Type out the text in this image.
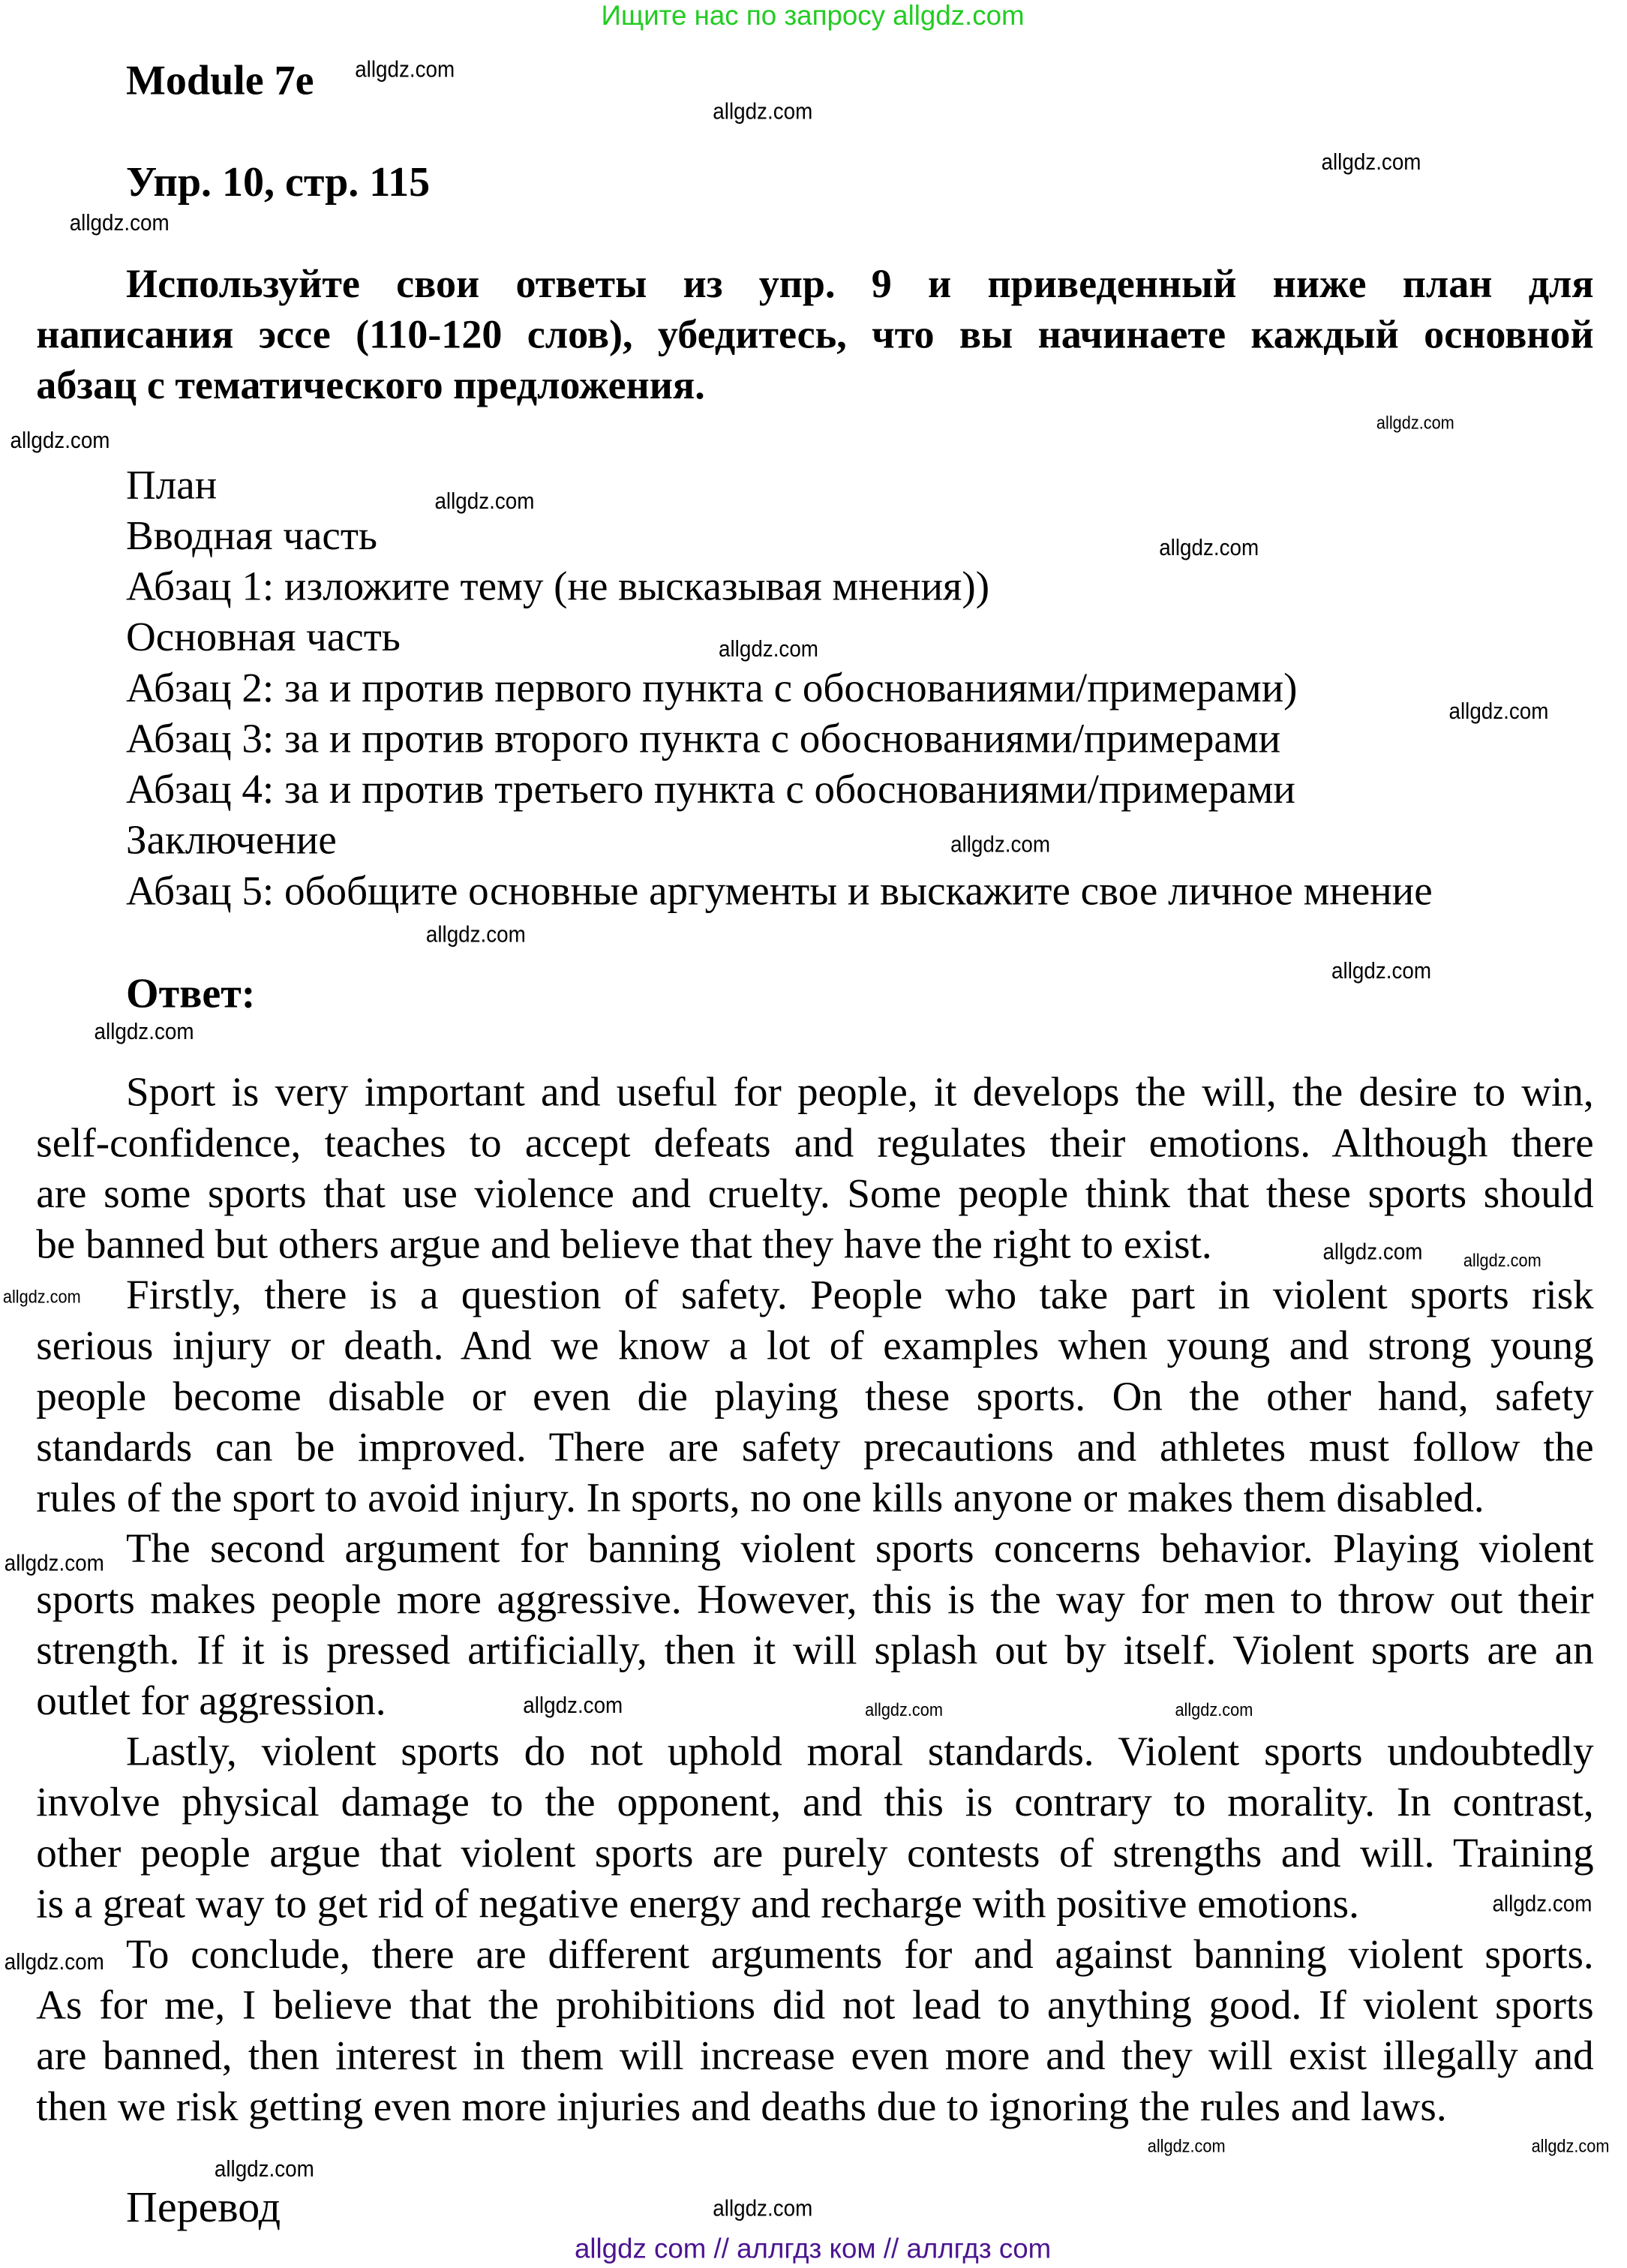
Ищите нас по запросу allgdz.com
Module 7e
Упр. 10, стр. 115
Используйте свои ответы из упр. 9 и приведенный ниже план для
написания эссе (110-120 слов), убедитесь, что вы начинаете каждый основной
абзац с тематического предложения.
План
Вводная часть
Абзац 1: изложите тему (не высказывая мнения))
Основная часть
Абзац 2: за и против первого пункта с обоснованиями/примерами)
Абзац 3: за и против второго пункта с обоснованиями/примерами
Абзац 4: за и против третьего пункта с обоснованиями/примерами
Заключение
Абзац 5: обобщите основные аргументы и выскажите свое личное мнение
Ответ:
Sport is very important and useful for people, it develops the will, the desire to win,
self-confidence, teaches to accept defeats and regulates their emotions. Although there
are some sports that use violence and cruelty. Some people think that these sports should
be banned but others argue and believe that they have the right to exist.
Firstly, there is a question of safety. People who take part in violent sports risk
serious injury or death. And we know a lot of examples when young and strong young
people become disable or even die playing these sports. On the other hand, safety
standards can be improved. There are safety precautions and athletes must follow the
rules of the sport to avoid injury. In sports, no one kills anyone or makes them disabled.
The second argument for banning violent sports concerns behavior. Playing violent
sports makes people more aggressive. However, this is the way for men to throw out their
strength. If it is pressed artificially, then it will splash out by itself. Violent sports are an
outlet for aggression.
Lastly, violent sports do not uphold moral standards. Violent sports undoubtedly
involve physical damage to the opponent, and this is contrary to morality. In contrast,
other people argue that violent sports are purely contests of strengths and will. Training
is a great way to get rid of negative energy and recharge with positive emotions.
To conclude, there are different arguments for and against banning violent sports.
As for me, I believe that the prohibitions did not lead to anything good. If violent sports
are banned, then interest in them will increase even more and they will exist illegally and
then we risk getting even more injuries and deaths due to ignoring the rules and laws.
Перевод
allgdz.com
allgdz.com
allgdz.com
allgdz.com
allgdz.com
allgdz.com
allgdz.com
allgdz.com
allgdz.com
allgdz.com
allgdz.com
allgdz.com
allgdz.com
allgdz.com
allgdz.com
allgdz.com
allgdz.com
allgdz.com
allgdz.com	allgdz.com
allgdz.com
allgdz.com
allgdz.com
allgdz.com
allgdz.com
allgdz.com
allgdz.com
allgdz com // аллгдз ком // аллгдз com
